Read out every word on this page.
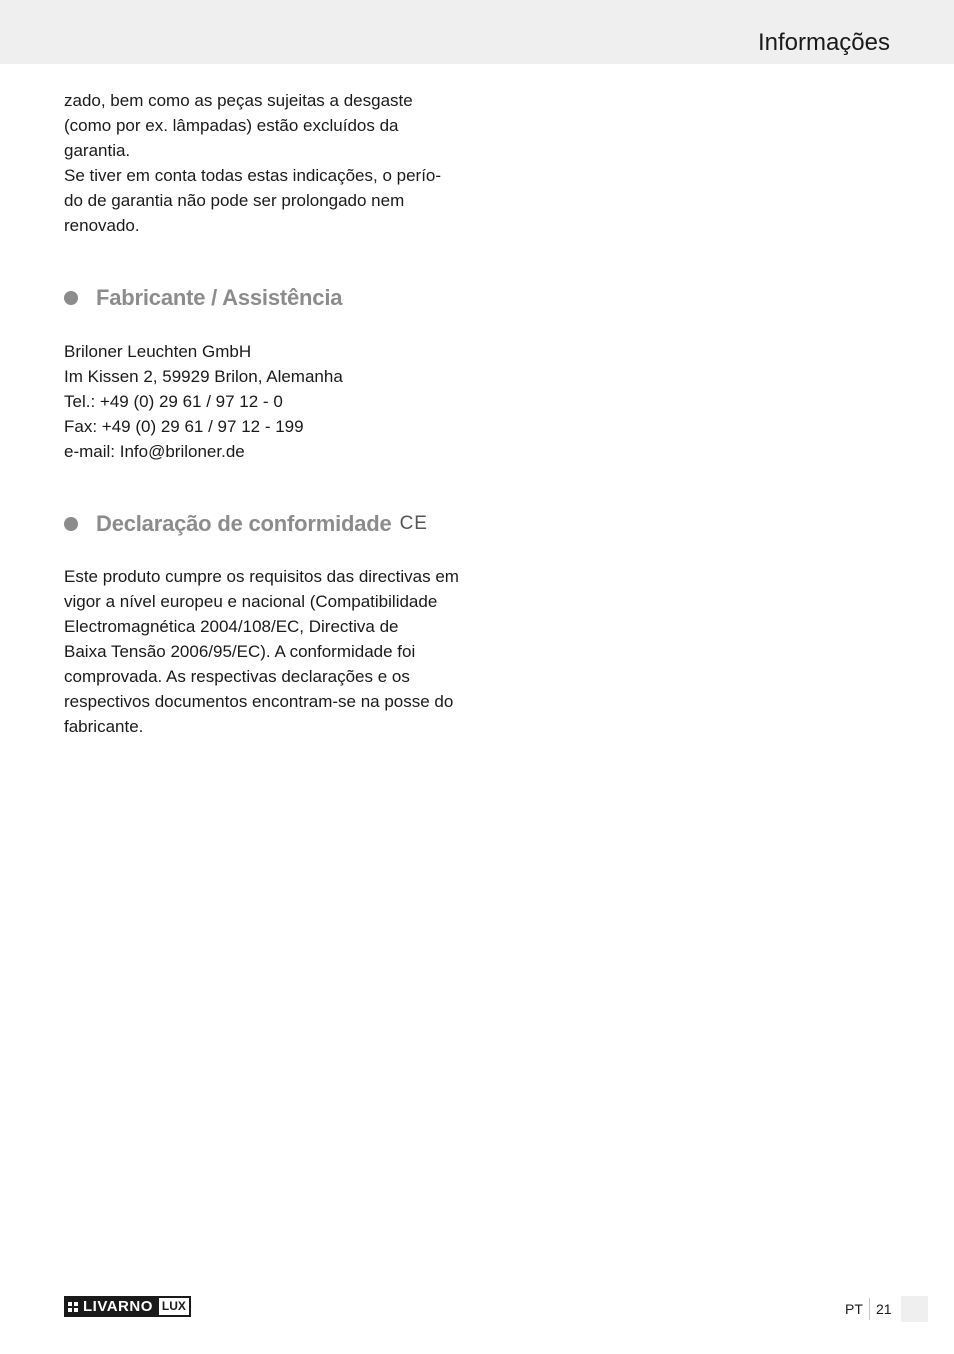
Informações

zado, bem como as peças sujeitas a desgaste

(como por ex. lâmpadas) estão excluídos da

garantia.

Se tiver em conta todas estas indicações, o perío-

do de garantia não pode ser prolongado nem

renovado.

Fabricante / Assistência

Briloner Leuchten GmbH

Im Kissen 2, 59929 Brilon, Alemanha

Tel.: +49 (0) 29 61 / 97 12 - 0

Fax: +49 (0) 29 61 / 97 12 - 199

e-mail: Info@briloner.de

Declaração de conformidade CE

Este produto cumpre os requisitos das directivas em

vigor a nível europeu e nacional (Compatibilidade

Electromagnética 2004/108/EC, Directiva de

Baixa Tensão 2006/95/EC). A conformidade foi

comprovada. As respectivas declarações e os

respectivos documentos encontram-se na posse do

fabricante.

LIVARNO LUX	PT 21
